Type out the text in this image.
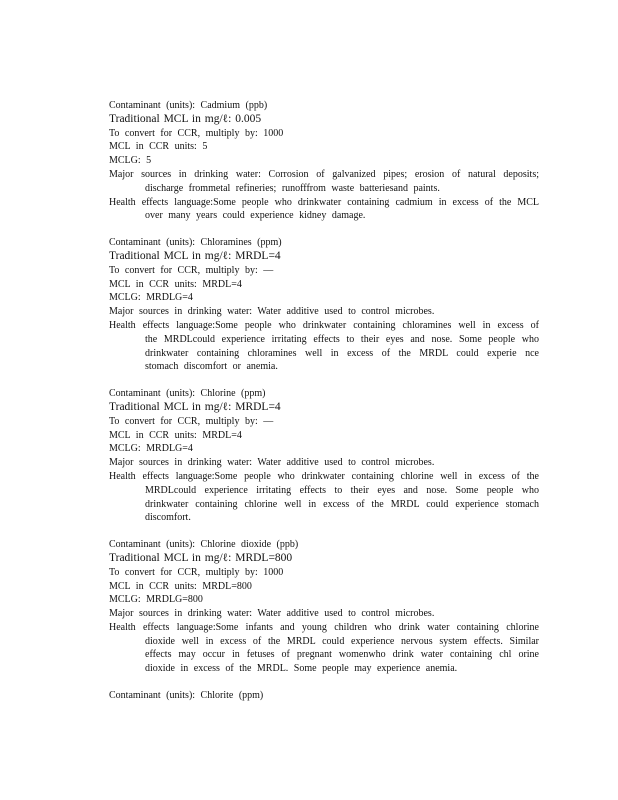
Contaminant (units): Cadmium (ppb)
Traditional MCL in mg/ℓ: 0.005
To convert for CCR, multiply by: 1000
MCL in CCR units: 5
MCLG: 5
Major sources in drinking water: Corrosion of galvanized pipes; erosion of natural deposits; discharge frommetal refineries; runofffrom waste batteriesand paints.
Health effects language:Some people who drinkwater containing cadmium in excess of the MCL over many years could experience kidney damage.
Contaminant (units): Chloramines (ppm)
Traditional MCL in mg/ℓ: MRDL=4
To convert for CCR, multiply by: —
MCL in CCR units: MRDL=4
MCLG: MRDLG=4
Major sources in drinking water: Water additive used to control microbes.
Health effects language:Some people who drinkwater containing chloramines well in excess of the MRDLcould experience irritating effects to their eyes and nose. Some people who drinkwater containing chloramines well in excess of the MRDL could experie nce stomach discomfort or anemia.
Contaminant (units): Chlorine (ppm)
Traditional MCL in mg/ℓ: MRDL=4
To convert for CCR, multiply by: —
MCL in CCR units: MRDL=4
MCLG: MRDLG=4
Major sources in drinking water: Water additive used to control microbes.
Health effects language:Some people who drinkwater containing chlorine well in excess of the MRDLcould experience irritating effects to their eyes and nose. Some people who drinkwater containing chlorine well in excess of the MRDL could experience stomach discomfort.
Contaminant (units): Chlorine dioxide (ppb)
Traditional MCL in mg/ℓ: MRDL=800
To convert for CCR, multiply by: 1000
MCL in CCR units: MRDL=800
MCLG: MRDLG=800
Major sources in drinking water: Water additive used to control microbes.
Health effects language:Some infants and young children who drink water containing chlorine dioxide well in excess of the MRDL could experience nervous system effects. Similar effects may occur in fetuses of pregnant womenwho drink water containing chl orine dioxide in excess of the MRDL. Some people may experience anemia.
Contaminant (units): Chlorite (ppm)
